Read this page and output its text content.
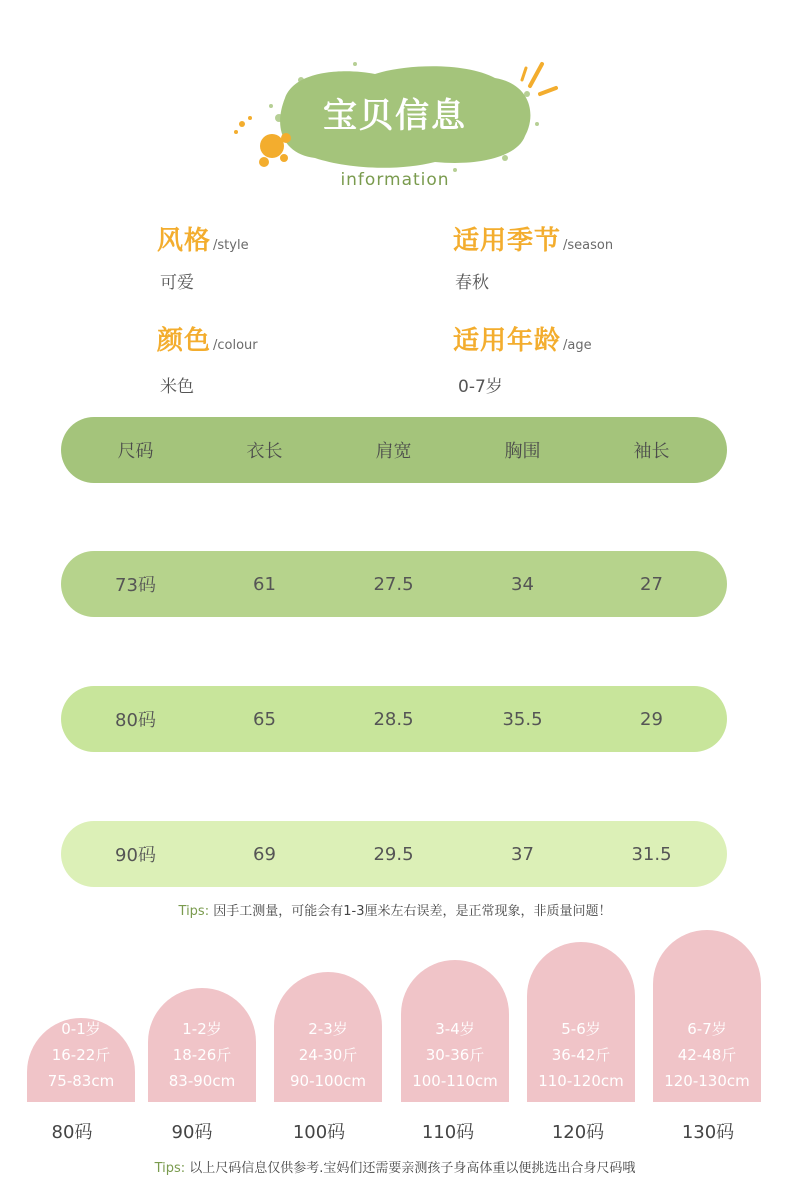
宝贝信息
information
风格 /style
可爱
适用季节 /season
春秋
颜色 /colour
米色
适用年龄 /age
0-7岁
尺码	衣长	肩宽	胸围	袖长
73码	61	27.5	34	27
80码	65	28.5	35.5	29
90码	69	29.5	37	31.5
Tips: 因手工测量，可能会有1-3厘米左右误差，是正常现象，非质量问题！
0-1岁
16-22斤
75-83cm
1-2岁
18-26斤
83-90cm
2-3岁
24-30斤
90-100cm
3-4岁
30-36斤
100-110cm
5-6岁
36-42斤
110-120cm
6-7岁
42-48斤
120-130cm
80码	90码	100码	110码	120码	130码
Tips: 以上尺码信息仅供参考.宝妈们还需要亲测孩子身高体重以便挑选出合身尺码哦
